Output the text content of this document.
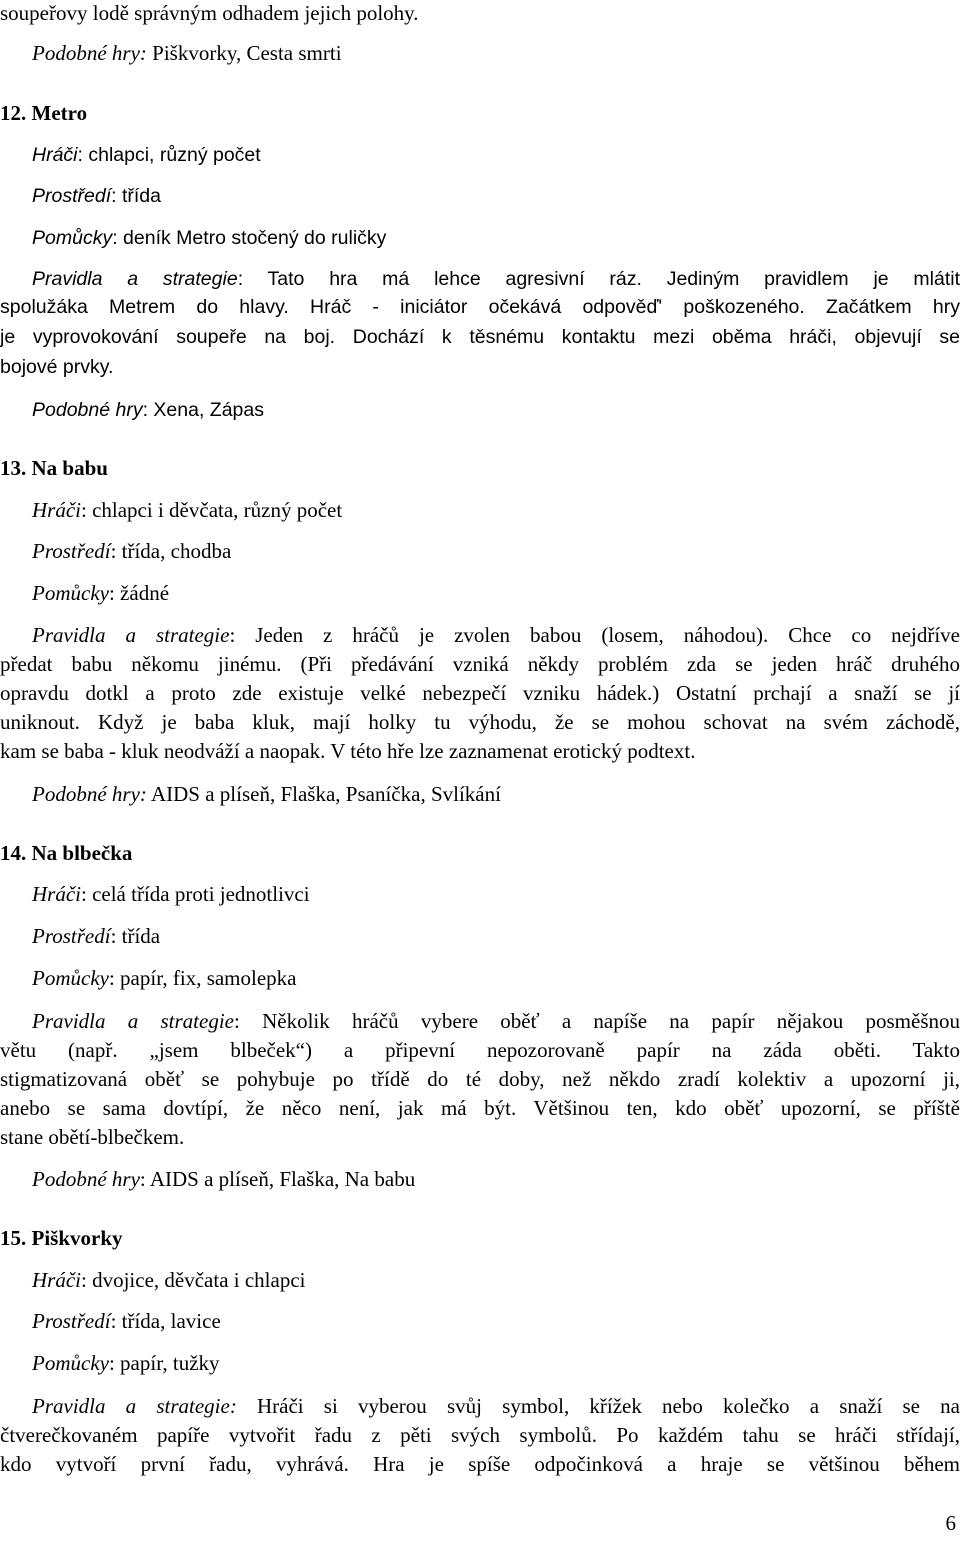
soupeřovy lodě správným odhadem jejich polohy.
Podobné hry: Piškvorky, Cesta smrti
12. Metro
Hráči: chlapci, různý počet
Prostředí: třída
Pomůcky: deník Metro stočený do ruličky
Pravidla a strategie: Tato hra má lehce agresivní ráz. Jediným pravidlem je mlátit
spolužáka Metrem do hlavy. Hráč - iniciátor očekává odpověď' poškozeného. Začátkem hry
je vyprovokování soupeře na boj. Dochází k těsnému kontaktu mezi oběma hráči, objevují se
bojové prvky.
Podobné hry: Xena, Zápas
13. Na babu
Hráči: chlapci i děvčata, různý počet
Prostředí: třída, chodba
Pomůcky: žádné
Pravidla a strategie: Jeden z hráčů je zvolen babou (losem, náhodou). Chce co nejdříve
předat babu někomu jinému. (Při předávání vzniká někdy problém zda se jeden hráč druhého
opravdu dotkl a proto zde existuje velké nebezpečí vzniku hádek.) Ostatní prchají a snaží se jí
uniknout. Když je baba kluk, mají holky tu výhodu, že se mohou schovat na svém záchodě,
kam se baba - kluk neodváží a naopak. V této hře lze zaznamenat erotický podtext.
Podobné hry: AIDS a plíseň, Flaška, Psaníčka, Svlíkání
14. Na blbečka
Hráči: celá třída proti jednotlivci
Prostředí: třída
Pomůcky: papír, fix, samolepka
Pravidla a strategie: Několik hráčů vybere oběť a napíše na papír nějakou posměšnou
větu (např. „jsem blbeček“) a připevní nepozorovaně papír na záda oběti. Takto
stigmatizovaná oběť se pohybuje po třídě do té doby, než někdo zradí kolektiv a upozorní ji,
anebo se sama dovtípí, že něco není, jak má být. Většinou ten, kdo oběť upozorní, se příště
stane obětí-blbečkem.
Podobné hry: AIDS a plíseň, Flaška, Na babu
15. Piškvorky
Hráči: dvojice, děvčata i chlapci
Prostředí: třída, lavice
Pomůcky: papír, tužky
Pravidla a strategie: Hráči si vyberou svůj symbol, křížek nebo kolečko a snaží se na
čtverečkovaném papíře vytvořit řadu z pěti svých symbolů. Po každém tahu se hráči střídají,
kdo vytvoří první řadu, vyhrává. Hra je spíše odpočinková a hraje se většinou během
6
